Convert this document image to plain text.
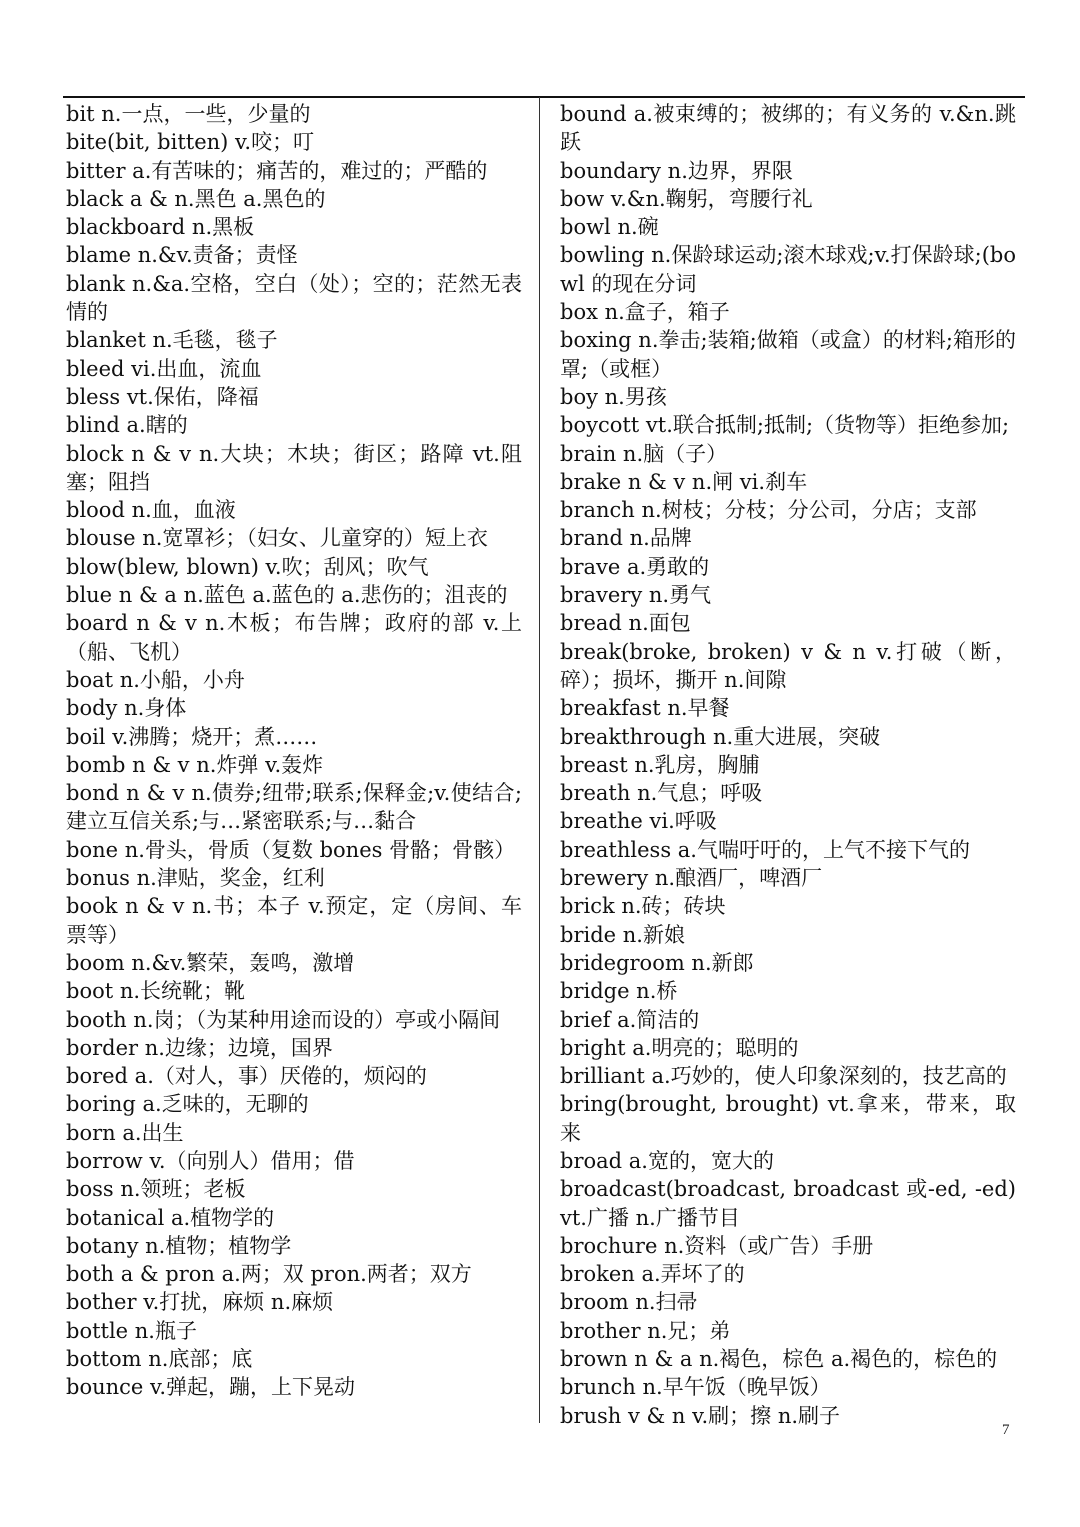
bit n.一点，一些，少量的
bite(bit, bitten) v.咬；叮
bitter a.有苦味的；痛苦的，难过的；严酷的
black a & n.黑色 a.黑色的
blackboard n.黑板
blame n.&v.责备；责怪
blank n.&a.空格，空白（处）；空的；茫然无表情的
blanket n.毛毯，毯子
bleed vi.出血，流血
bless vt.保佑，降福
blind a.瞎的
block n & v n.大块；木块；街区；路障 vt.阻塞；阻挡
blood n.血，血液
blouse n.宽罩衫；（妇女、儿童穿的）短上衣
blow(blew, blown) v.吹；刮风；吹气
blue n & a n.蓝色 a.蓝色的 a.悲伤的；沮丧的
board n & v n.木板；布告牌；政府的部 v.上（船、飞机）
boat n.小船，小舟
body n.身体
boil v.沸腾；烧开；煮……
bomb n & v n.炸弹 v.轰炸
bond n & v n.债券;纽带;联系;保释金;v.使结合;建立互信关系;与…紧密联系;与…黏合
bone n.骨头，骨质（复数 bones 骨骼；骨骸）
bonus n.津贴，奖金，红利
book n & v n.书；本子 v.预定，定（房间、车票等）
boom n.&v.繁荣，轰鸣，激增
boot n.长统靴；靴
booth n.岗；（为某种用途而设的）亭或小隔间
border n.边缘；边境，国界
bored a.（对人，事）厌倦的，烦闷的
boring a.乏味的，无聊的
born a.出生
borrow v.（向别人）借用；借
boss n.领班；老板
botanical a.植物学的
botany n.植物；植物学
both a & pron a.两；双 pron.两者；双方
bother v.打扰，麻烦 n.麻烦
bottle n.瓶子
bottom n.底部；底
bounce v.弹起，蹦，上下晃动
bound a.被束缚的；被绑的；有义务的 v.&n.跳跃
boundary n.边界，界限
bow v.&n.鞠躬，弯腰行礼
bowl n.碗
bowling n.保龄球运动;滚木球戏;v.打保龄球;(bowl 的现在分词
box n.盒子，箱子
boxing n.拳击;装箱;做箱（或盒）的材料;箱形的罩;（或框）
boy n.男孩
boycott vt.联合抵制;抵制;（货物等）拒绝参加;
brain n.脑（子）
brake n & v n.闸 vi.刹车
branch n.树枝；分枝；分公司，分店；支部
brand n.品牌
brave a.勇敢的
bravery n.勇气
bread n.面包
break(broke, broken) v & n v.打破（断，碎）；损坏，撕开 n.间隙
breakfast n.早餐
breakthrough n.重大进展，突破
breast n.乳房，胸脯
breath n.气息；呼吸
breathe vi.呼吸
breathless a.气喘吁吁的，上气不接下气的
brewery n.酿酒厂，啤酒厂
brick n.砖；砖块
bride n.新娘
bridegroom n.新郎
bridge n.桥
brief a.简洁的
bright a.明亮的；聪明的
brilliant a.巧妙的，使人印象深刻的，技艺高的
bring(brought, brought) vt.拿来，带来，取来
broad a.宽的，宽大的
broadcast(broadcast, broadcast 或-ed, -ed) vt.广播 n.广播节目
brochure n.资料（或广告）手册
broken a.弄坏了的
broom n.扫帚
brother n.兄；弟
brown n & a n.褐色，棕色 a.褐色的，棕色的
brunch n.早午饭（晚早饭）
brush v & n v.刷；擦 n.刷子
7
